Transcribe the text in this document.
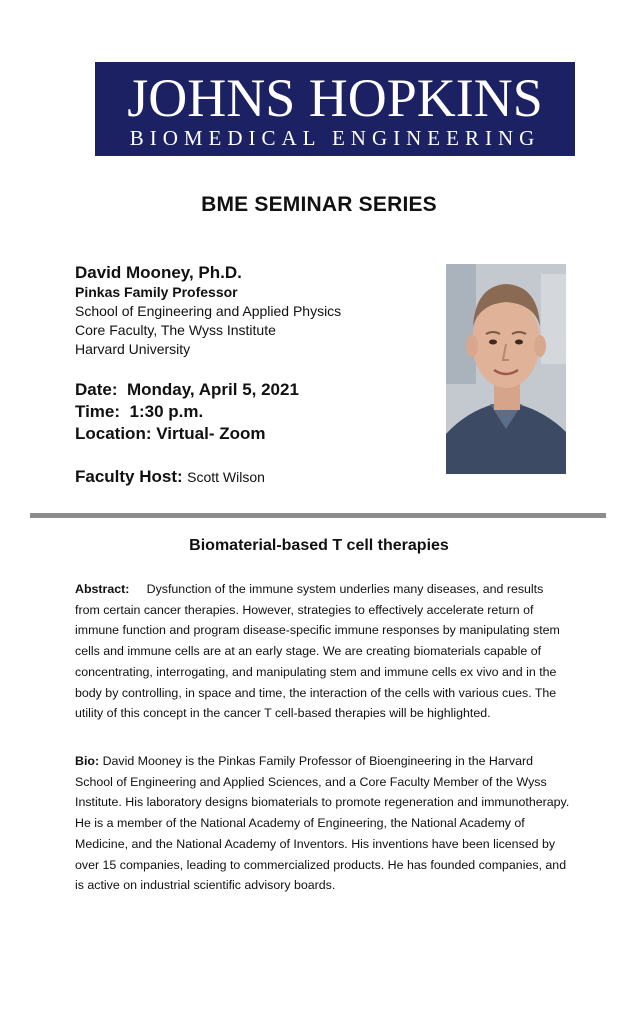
JOHNS HOPKINS
BIOMEDICAL ENGINEERING
BME SEMINAR SERIES
David Mooney, Ph.D.
Pinkas Family Professor
School of Engineering and Applied Physics
Core Faculty, The Wyss Institute
Harvard University
Date: Monday, April 5, 2021
Time: 1:30 p.m.
Location: Virtual- Zoom
Faculty Host: Scott Wilson
Biomaterial-based T cell therapies
Abstract: Dysfunction of the immune system underlies many diseases, and results from certain cancer therapies. However, strategies to effectively accelerate return of immune function and program disease-specific immune responses by manipulating stem cells and immune cells are at an early stage. We are creating biomaterials capable of concentrating, interrogating, and manipulating stem and immune cells ex vivo and in the body by controlling, in space and time, the interaction of the cells with various cues. The utility of this concept in the cancer T cell-based therapies will be highlighted.
Bio: David Mooney is the Pinkas Family Professor of Bioengineering in the Harvard School of Engineering and Applied Sciences, and a Core Faculty Member of the Wyss Institute. His laboratory designs biomaterials to promote regeneration and immunotherapy. He is a member of the National Academy of Engineering, the National Academy of Medicine, and the National Academy of Inventors. His inventions have been licensed by over 15 companies, leading to commercialized products. He has founded companies, and is active on industrial scientific advisory boards.
